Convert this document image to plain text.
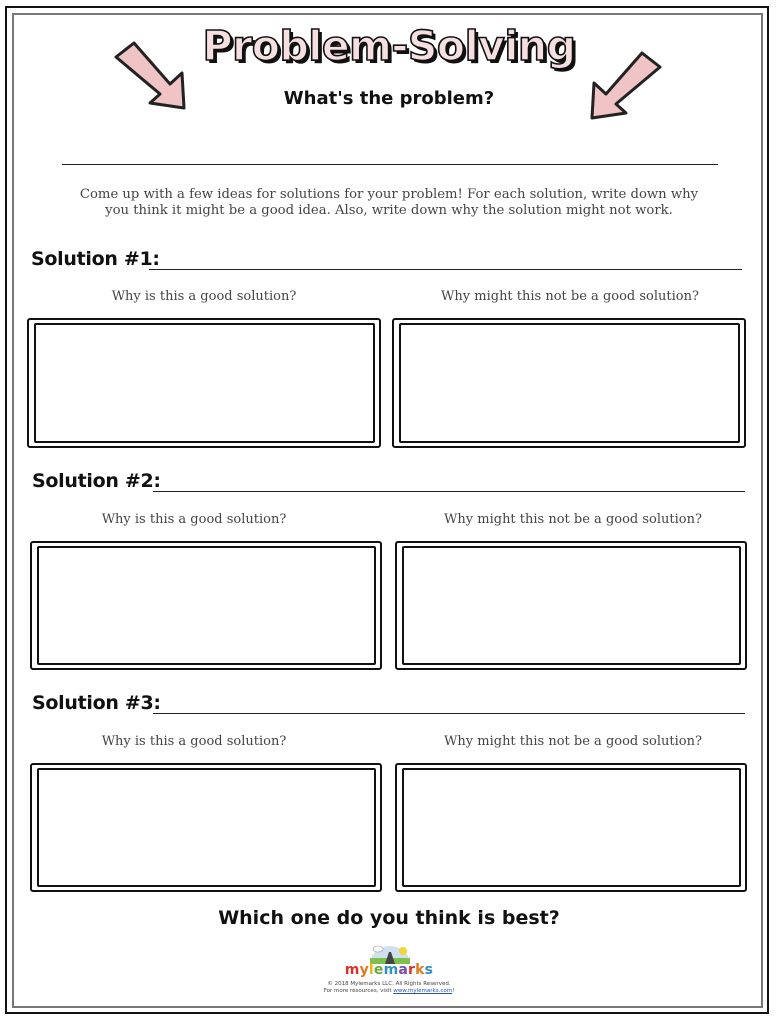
Problem-Solving
What's the problem?
Come up with a few ideas for solutions for your problem! For each solution, write down why
you think it might be a good idea. Also, write down why the solution might not work.
Solution #1:
Why is this a good solution?	Why might this not be a good solution?
Solution #2:
Why is this a good solution?	Why might this not be a good solution?
Solution #3:
Why is this a good solution?	Why might this not be a good solution?
Which one do you think is best?
mylemarks
© 2018 Mylemarks LLC. All Rights Reserved.
For more resources, visit www.mylemarks.com!
